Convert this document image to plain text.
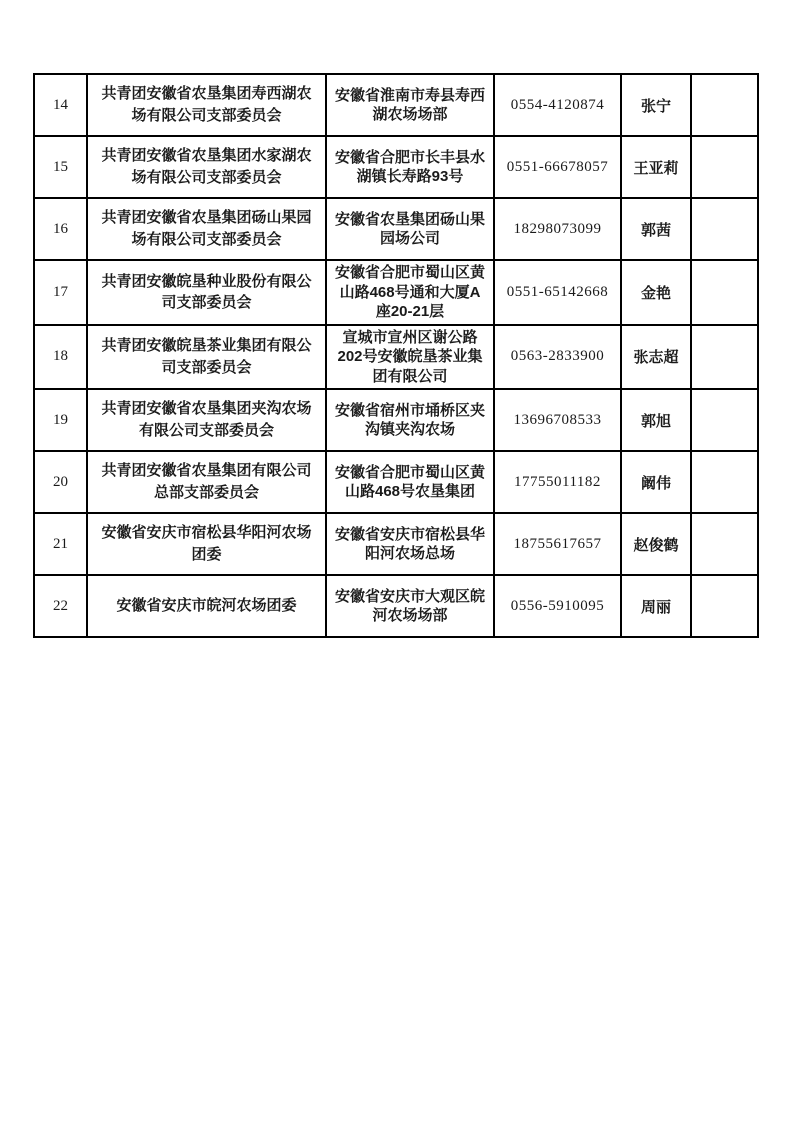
14	共青团安徽省农垦集团寿西湖农场有限公司支部委员会	安徽省淮南市寿县寿西湖农场场部	0554-4120874	张宁	
15	共青团安徽省农垦集团水家湖农场有限公司支部委员会	安徽省合肥市长丰县水湖镇长寿路93号	0551-66678057	王亚莉	
16	共青团安徽省农垦集团砀山果园场有限公司支部委员会	安徽省农垦集团砀山果园场公司	18298073099	郭茜	
17	共青团安徽皖垦种业股份有限公司支部委员会	安徽省合肥市蜀山区黄山路468号通和大厦A座20-21层	0551-65142668	金艳	
18	共青团安徽皖垦茶业集团有限公司支部委员会	宣城市宣州区谢公路202号安徽皖垦茶业集团有限公司	0563-2833900	张志超	
19	共青团安徽省农垦集团夹沟农场有限公司支部委员会	安徽省宿州市埇桥区夹沟镇夹沟农场	13696708533	郭旭	
20	共青团安徽省农垦集团有限公司总部支部委员会	安徽省合肥市蜀山区黄山路468号农垦集团	17755011182	阚伟	
21	安徽省安庆市宿松县华阳河农场团委	安徽省安庆市宿松县华阳河农场总场	18755617657	赵俊鹤	
22	安徽省安庆市皖河农场团委	安徽省安庆市大观区皖河农场场部	0556-5910095	周丽	
